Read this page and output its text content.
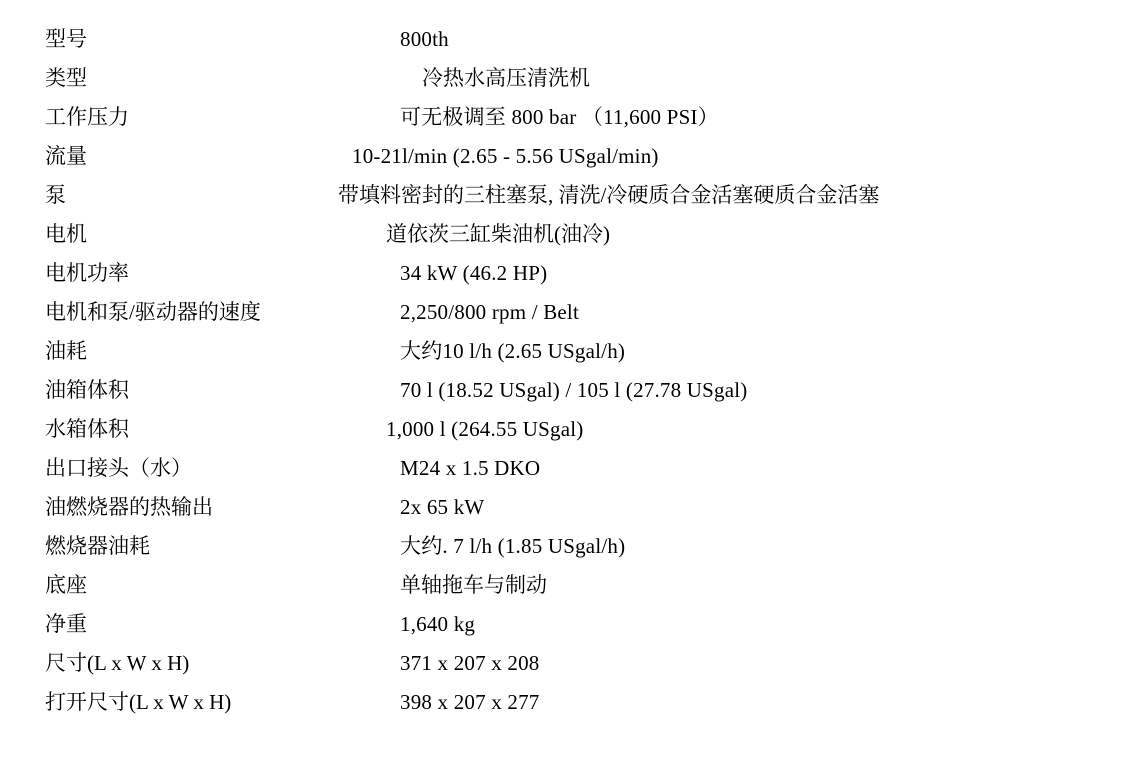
型号	800th
类型	冷热水高压清洗机
工作压力	可无极调至 800 bar （11,600 PSI）
流量	10-21l/min (2.65 - 5.56 USgal/min)
泵	带填料密封的三柱塞泵, 清洗/冷硬质合金活塞硬质合金活塞
电机	道依茨三缸柴油机(油冷)
电机功率	34 kW (46.2 HP)
电机和泵/驱动器的速度	2,250/800 rpm / Belt
油耗	大约10 l/h (2.65 USgal/h)
油箱体积	70 l (18.52 USgal) / 105 l (27.78 USgal)
水箱体积	1,000 l (264.55 USgal)
出口接头（水）	M24 x 1.5 DKO
油燃烧器的热输出	2x 65 kW
燃烧器油耗	大约. 7 l/h (1.85 USgal/h)
底座	单轴拖车与制动
净重	1,640 kg
尺寸(L x W x H)	371 x 207 x 208
打开尺寸(L x W x H)	398 x 207 x 277
